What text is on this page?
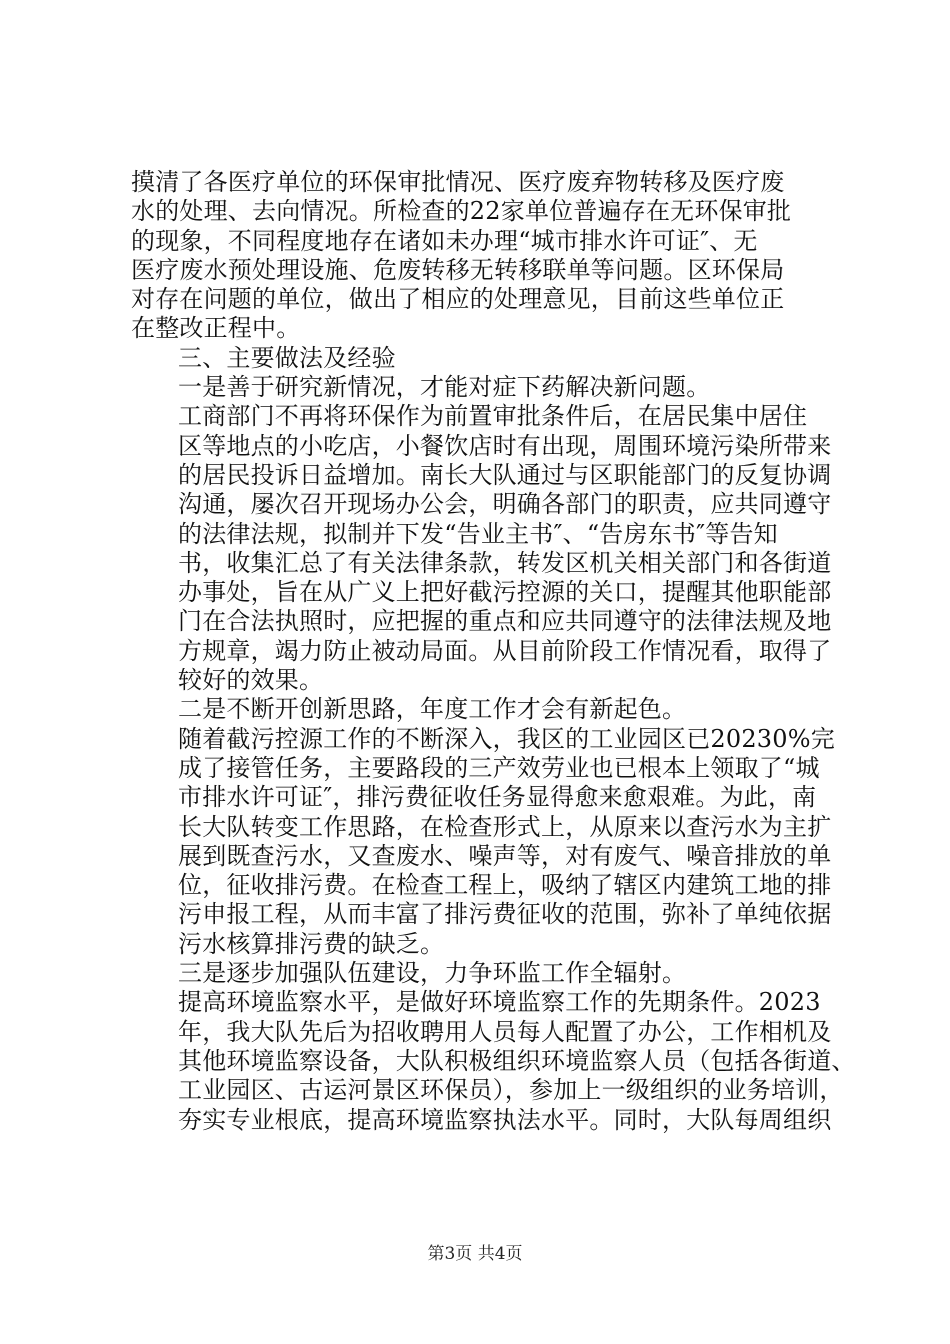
摸清了各医疗单位的环保审批情况、医疗废弃物转移及医疗废
水的处理、去向情况。所检查的22家单位普遍存在无环保审批
的现象，不同程度地存在诸如未办理“城市排水许可证″、无
医疗废水预处理设施、危废转移无转移联单等问题。区环保局
对存在问题的单位，做出了相应的处理意见，目前这些单位正
在整改正程中。

三、主要做法及经验

一是善于研究新情况，才能对症下药解决新问题。

工商部门不再将环保作为前置审批条件后，在居民集中居住
区等地点的小吃店，小餐饮店时有出现，周围环境污染所带来
的居民投诉日益增加。南长大队通过与区职能部门的反复协调
沟通，屡次召开现场办公会，明确各部门的职责，应共同遵守
的法律法规，拟制并下发“告业主书″、“告房东书″等告知
书，收集汇总了有关法律条款，转发区机关相关部门和各街道
办事处，旨在从广义上把好截污控源的关口，提醒其他职能部
门在合法执照时，应把握的重点和应共同遵守的法律法规及地
方规章，竭力防止被动局面。从目前阶段工作情况看，取得了
较好的效果。

二是不断开创新思路，年度工作才会有新起色。

随着截污控源工作的不断深入，我区的工业园区已20230%完
成了接管任务，主要路段的三产效劳业也已根本上领取了“城
市排水许可证″，排污费征收任务显得愈来愈艰难。为此，南
长大队转变工作思路，在检查形式上，从原来以查污水为主扩
展到既查污水，又查废水、噪声等，对有废气、噪音排放的单
位，征收排污费。在检查工程上，吸纳了辖区内建筑工地的排
污申报工程，从而丰富了排污费征收的范围，弥补了单纯依据
污水核算排污费的缺乏。

三是逐步加强队伍建设，力争环监工作全辐射。

提高环境监察水平，是做好环境监察工作的先期条件。2023
年，我大队先后为招收聘用人员每人配置了办公，工作相机及
其他环境监察设备，大队积极组织环境监察人员（包括各街道、
工业园区、古运河景区环保员），参加上一级组织的业务培训，
夯实专业根底，提高环境监察执法水平。同时，大队每周组织

第3页 共4页
